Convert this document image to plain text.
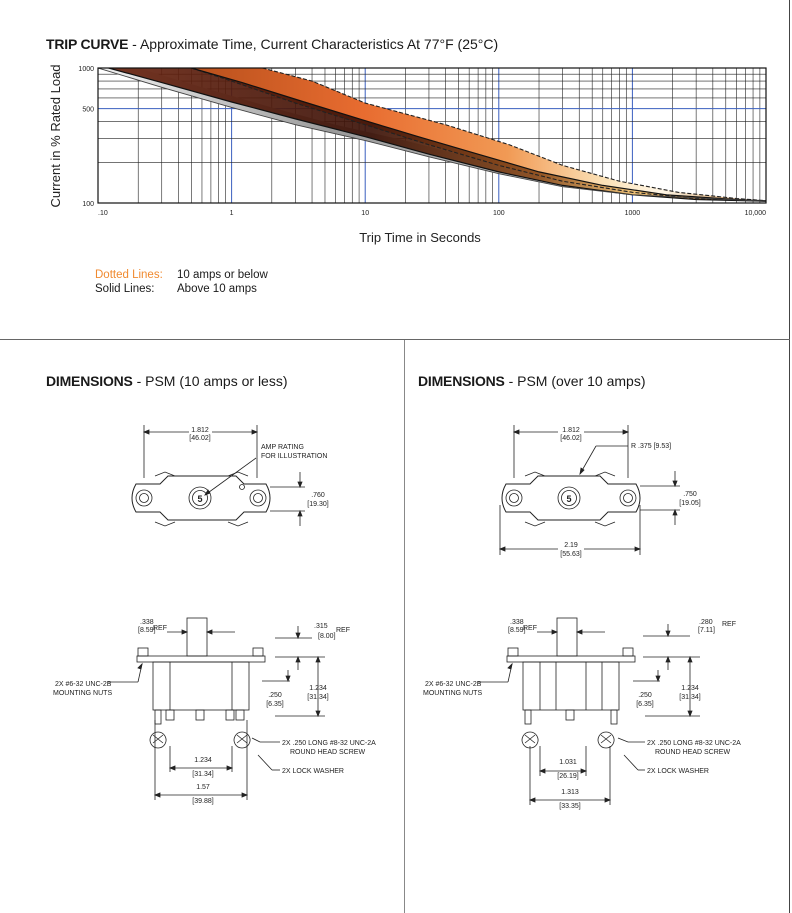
TRIP CURVE - Approximate Time, Current Characteristics At 77°F (25°C)
1000
500
100
.10	1	10	100	1000	10,000
Current in % Rated Load
Trip Time in Seconds
Dotted Lines: 10 amps or below
Solid Lines: Above 10 amps
DIMENSIONS - PSM (10 amps or less)	DIMENSIONS - PSM (over 10 amps)
5
1.812
[46.02]
AMP RATING
FOR ILLUSTRATION
.760
[19.30]
.338
REF
[8.59]
.315
REF
[8.00]
2X #6-32 UNC-2B
MOUNTING NUTS	.250
[6.35]
1.234
[31.34]
2X .250 LONG #8-32 UNC-2A
ROUND HEAD SCREW
2X LOCK WASHER
1.234
[31.34]
1.57
[39.88]
5
1.812
[46.02]
R .375 [9.53]
.750
[19.05]
2.19
[55.63]
.338
REF
[8.59]
.280 REF
[7.11]
2X #6-32 UNC-2B
MOUNTING NUTS	.250
[6.35]
1.234
[31.34]
2X .250 LONG #8-32 UNC-2A
ROUND HEAD SCREW
2X LOCK WASHER
1.031
[26.19]
1.313
[33.35]
